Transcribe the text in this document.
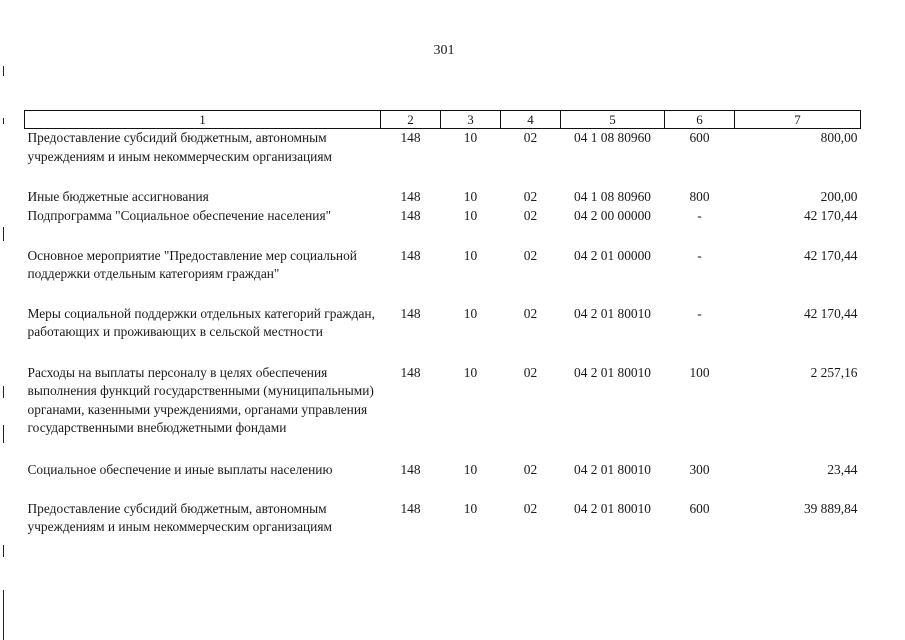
301
1	2	3	4	5	6	7
Предоставление субсидий бюджетным, автономным учреждениям и иным некоммерческим организациям	148	10	02	04 1 08 80960	600	800,00
Иные бюджетные ассигнования	148	10	02	04 1 08 80960	800	200,00
Подпрограмма "Социальное обеспечение населения"	148	10	02	04 2 00 00000	-	42 170,44
Основное мероприятие "Предоставление мер социальной поддержки отдельным категориям граждан"	148	10	02	04 2 01 00000	-	42 170,44
Меры социальной поддержки отдельных категорий граждан, работающих и проживающих в сельской местности	148	10	02	04 2 01 80010	-	42 170,44
Расходы на выплаты персоналу в целях обеспечения выполнения функций государственными (муниципальными) органами, казенными учреждениями, органами управления государственными внебюджетными фондами	148	10	02	04 2 01 80010	100	2 257,16
Социальное обеспечение и иные выплаты населению	148	10	02	04 2 01 80010	300	23,44
Предоставление субсидий бюджетным, автономным учреждениям и иным некоммерческим организациям	148	10	02	04 2 01 80010	600	39 889,84
